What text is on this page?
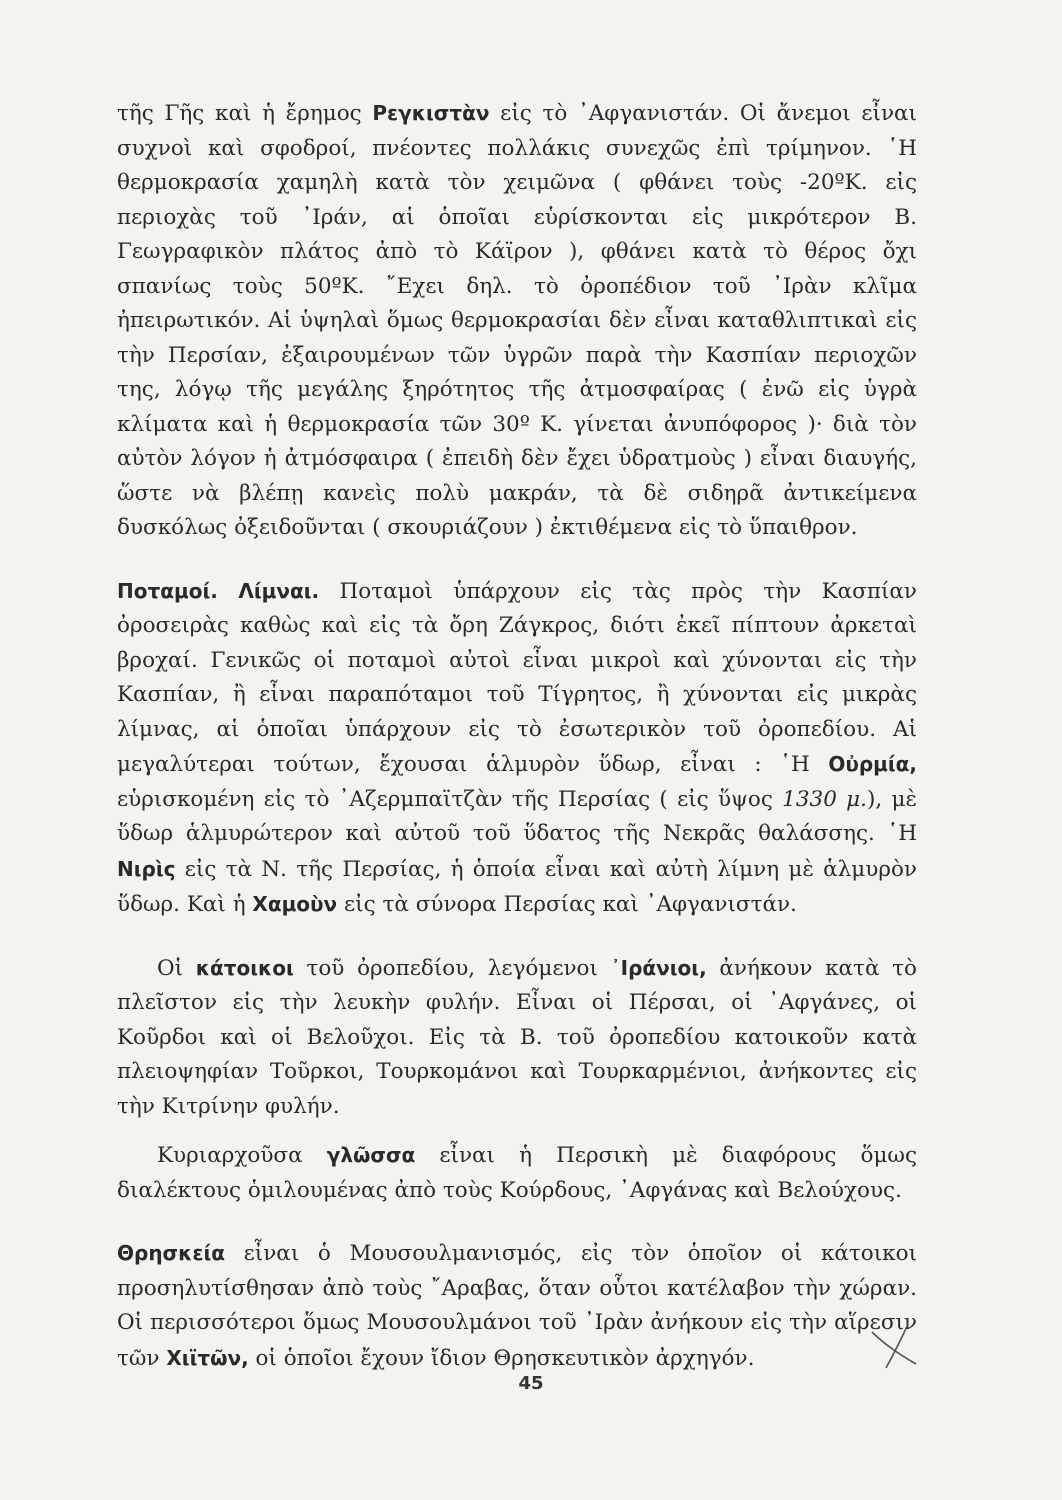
τῆς Γῆς καὶ ἡ ἔρημος Ρεγκιστὰν εἰς τὸ ᾿Αφγανιστάν. Οἱ ἄνεμοι εἶναι συχνοὶ καὶ σφοδροί, πνέοντες πολλάκις συνεχῶς ἐπὶ τρίμηνον. ῾Η θερμοκρασία χαμηλὴ κατὰ τὸν χειμῶνα ( φθάνει τοὺς -20ºΚ. εἰς περιοχὰς τοῦ ᾿Ιράν, αἱ ὁποῖαι εὑρίσκονται εἰς μικρότερον Β. Γεωγραφικὸν πλάτος ἀπὸ τὸ Κάϊρον ), φθάνει κατὰ τὸ θέρος ὄχι σπανίως τοὺς 50ºΚ. ῎Εχει δηλ. τὸ ὀροπέδιον τοῦ ᾿Ιρὰν κλῖμα ἠπειρωτικόν. Αἱ ὑψηλαὶ ὅμως θερμοκρασίαι δὲν εἶναι καταθλιπτικαὶ εἰς τὴν Περσίαν, ἐξαιρουμένων τῶν ὑγρῶν παρὰ τὴν Κασπίαν περιοχῶν της, λόγῳ τῆς μεγάλης ξηρότητος τῆς ἀτμοσφαίρας ( ἐνῶ εἰς ὑγρὰ κλίματα καὶ ἡ θερμοκρασία τῶν 30º Κ. γίνεται ἀνυπόφορος )· διὰ τὸν αὐτὸν λόγον ἡ ἀτμόσφαιρα ( ἐπειδὴ δὲν ἔχει ὑδρατμοὺς ) εἶναι διαυγής, ὥστε νὰ βλέπῃ κανεὶς πολὺ μακράν, τὰ δὲ σιδηρᾶ ἀντικείμενα δυσκόλως ὀξειδοῦνται ( σκουριάζουν ) ἐκτιθέμενα εἰς τὸ ὕπαιθρον.

Ποταμοί. Λίμναι. Ποταμοὶ ὑπάρχουν εἰς τὰς πρὸς τὴν Κασπίαν ὀροσειρὰς καθὼς καὶ εἰς τὰ ὄρη Ζάγκρος, διότι ἐκεῖ πίπτουν ἀρκεταὶ βροχαί. Γενικῶς οἱ ποταμοὶ αὐτοὶ εἶναι μικροὶ καὶ χύνονται εἰς τὴν Κασπίαν, ἢ εἶναι παραπόταμοι τοῦ Τίγρητος, ἢ χύνονται εἰς μικρὰς λίμνας, αἱ ὁποῖαι ὑπάρχουν εἰς τὸ ἐσωτερικὸν τοῦ ὀροπεδίου. Αἱ μεγαλύτεραι τούτων, ἔχουσαι ἁλμυρὸν ὕδωρ, εἶναι : ῾Η Οὐρμία, εὑρισκομένη εἰς τὸ ᾿Αζερμπαϊτζὰν τῆς Περσίας ( εἰς ὕψος 1330 μ.), μὲ ὕδωρ ἁλμυρώτερον καὶ αὐτοῦ τοῦ ὕδατος τῆς Νεκρᾶς θαλάσσης. ῾Η Νιρὶς εἰς τὰ Ν. τῆς Περσίας, ἡ ὁποία εἶναι καὶ αὐτὴ λίμνη μὲ ἁλμυρὸν ὕδωρ. Καὶ ἡ Χαμοὺν εἰς τὰ σύνορα Περσίας καὶ ᾿Αφγανιστάν.

Οἱ κάτοικοι τοῦ ὀροπεδίου, λεγόμενοι ᾿Ιράνιοι, ἀνήκουν κατὰ τὸ πλεῖστον εἰς τὴν λευκὴν φυλήν. Εἶναι οἱ Πέρσαι, οἱ ᾿Αφγάνες, οἱ Κοῦρδοι καὶ οἱ Βελοῦχοι. Εἰς τὰ Β. τοῦ ὀροπεδίου κατοικοῦν κατὰ πλειοψηφίαν Τοῦρκοι, Τουρκομάνοι καὶ Τουρκαρμένιοι, ἀνήκοντες εἰς τὴν Κιτρίνην φυλήν.

Κυριαρχοῦσα γλῶσσα εἶναι ἡ Περσικὴ μὲ διαφόρους ὅμως διαλέκτους ὁμιλουμένας ἀπὸ τοὺς Κούρδους, ᾿Αφγάνας καὶ Βελούχους.

Θρησκεία εἶναι ὁ Μουσουλμανισμός, εἰς τὸν ὁποῖον οἱ κάτοικοι προσηλυτίσθησαν ἀπὸ τοὺς ῎Αραβας, ὅταν οὗτοι κατέλαβον τὴν χώραν. Οἱ περισσότεροι ὅμως Μουσουλμάνοι τοῦ ᾿Ιρὰν ἀνήκουν εἰς τὴν αἵρεσιν τῶν Χιϊτῶν, οἱ ὁποῖοι ἔχουν ἴδιον Θρησκευτικὸν ἀρχηγόν.

45
